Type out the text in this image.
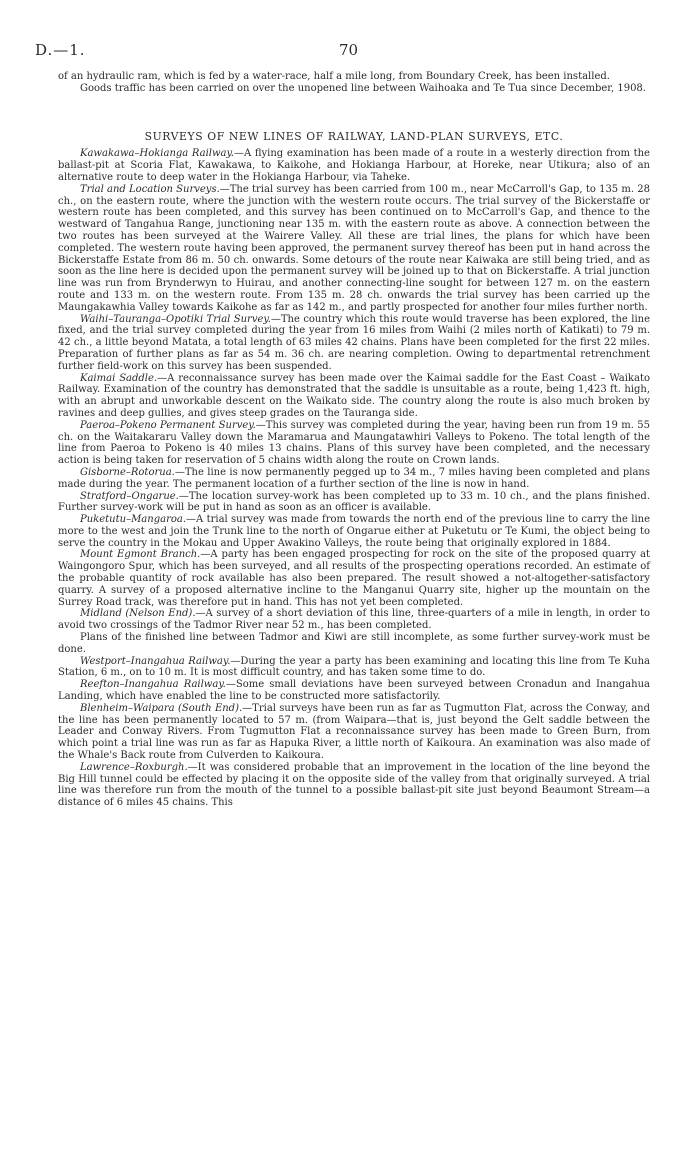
D.—1.	70

of an hydraulic ram, which is fed by a water-race, half a mile long, from Boundary Creek, has been installed.

Goods traffic has been carried on over the unopened line between Waihoaka and Te Tua since December, 1908.

SURVEYS OF NEW LINES OF RAILWAY, LAND-PLAN SURVEYS, ETC.

Kawakawa–Hokianga Railway.—A flying examination has been made of a route in a westerly direction from the ballast-pit at Scoria Flat, Kawakawa, to Kaikohe, and Hokianga Harbour, at Horeke, near Utikura; also of an alternative route to deep water in the Hokianga Harbour, via Taheke.

Trial and Location Surveys.—The trial survey has been carried from 100 m., near McCarroll's Gap, to 135 m. 28 ch., on the eastern route, where the junction with the western route occurs. The trial survey of the Bickerstaffe or western route has been completed, and this survey has been continued on to McCarroll's Gap, and thence to the westward of Tangahua Range, junctioning near 135 m. with the eastern route as above. A connection between the two routes has been surveyed at the Wairere Valley. All these are trial lines, the plans for which have been completed. The western route having been approved, the permanent survey thereof has been put in hand across the Bickerstaffe Estate from 86 m. 50 ch. onwards. Some detours of the route near Kaiwaka are still being tried, and as soon as the line here is decided upon the permanent survey will be joined up to that on Bickerstaffe. A trial junction line was run from Brynderwyn to Huirau, and another connecting-line sought for between 127 m. on the eastern route and 133 m. on the western route. From 135 m. 28 ch. onwards the trial survey has been carried up the Maungakawhia Valley towards Kaikohe as far as 142 m., and partly prospected for another four miles further north.

Waihi–Tauranga–Opotiki Trial Survey.—The country which this route would traverse has been explored, the line fixed, and the trial survey completed during the year from 16 miles from Waihi (2 miles north of Katikati) to 79 m. 42 ch., a little beyond Matata, a total length of 63 miles 42 chains. Plans have been completed for the first 22 miles. Preparation of further plans as far as 54 m. 36 ch. are nearing completion. Owing to departmental retrenchment further field-work on this survey has been suspended.

Kaimai Saddle.—A reconnaissance survey has been made over the Kaimai saddle for the East Coast – Waikato Railway. Examination of the country has demonstrated that the saddle is unsuitable as a route, being 1,423 ft. high, with an abrupt and unworkable descent on the Waikato side. The country along the route is also much broken by ravines and deep gullies, and gives steep grades on the Tauranga side.

Paeroa–Pokeno Permanent Survey.—This survey was completed during the year, having been run from 19 m. 55 ch. on the Waitakararu Valley down the Maramarua and Maungatawhiri Valleys to Pokeno. The total length of the line from Paeroa to Pokeno is 40 miles 13 chains. Plans of this survey have been completed, and the necessary action is being taken for reservation of 5 chains width along the route on Crown lands.

Gisborne–Rotorua.—The line is now permanently pegged up to 34 m., 7 miles having been completed and plans made during the year. The permanent location of a further section of the line is now in hand.

Stratford–Ongarue.—The location survey-work has been completed up to 33 m. 10 ch., and the plans finished. Further survey-work will be put in hand as soon as an officer is available.

Puketutu–Mangaroa.—A trial survey was made from towards the north end of the previous line to carry the line more to the west and join the Trunk line to the north of Ongarue either at Puketutu or Te Kumi, the object being to serve the country in the Mokau and Upper Awakino Valleys, the route being that originally explored in 1884.

Mount Egmont Branch.—A party has been engaged prospecting for rock on the site of the proposed quarry at Waingongoro Spur, which has been surveyed, and all results of the prospecting operations recorded. An estimate of the probable quantity of rock available has also been prepared. The result showed a not-altogether-satisfactory quarry. A survey of a proposed alternative incline to the Manganui Quarry site, higher up the mountain on the Surrey Road track, was therefore put in hand. This has not yet been completed.

Midland (Nelson End).—A survey of a short deviation of this line, three-quarters of a mile in length, in order to avoid two crossings of the Tadmor River near 52 m., has been completed.

Plans of the finished line between Tadmor and Kiwi are still incomplete, as some further survey-work must be done.

Westport–Inangahua Railway.—During the year a party has been examining and locating this line from Te Kuha Station, 6 m., on to 10 m. It is most difficult country, and has taken some time to do.

Reefton–Inangahua Railway.—Some small deviations have been surveyed between Cronadun and Inangahua Landing, which have enabled the line to be constructed more satisfactorily.

Blenheim–Waipara (South End).—Trial surveys have been run as far as Tugmutton Flat, across the Conway, and the line has been permanently located to 57 m. (from Waipara—that is, just beyond the Gelt saddle between the Leader and Conway Rivers. From Tugmutton Flat a reconnaissance survey has been made to Green Burn, from which point a trial line was run as far as Hapuka River, a little north of Kaikoura. An examination was also made of the Whale's Back route from Culverden to Kaikoura.

Lawrence–Roxburgh.—It was considered probable that an improvement in the location of the line beyond the Big Hill tunnel could be effected by placing it on the opposite side of the valley from that originally surveyed. A trial line was therefore run from the mouth of the tunnel to a possible ballast-pit site just beyond Beaumont Stream—a distance of 6 miles 45 chains. This
